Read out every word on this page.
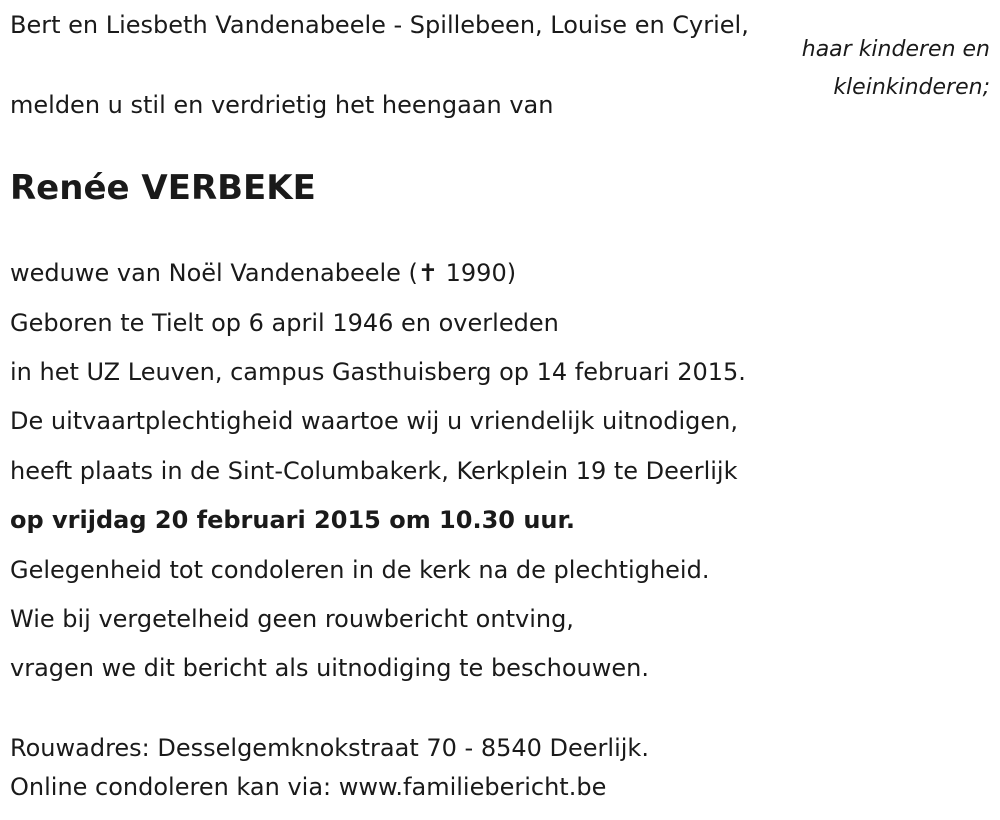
Bert en Liesbeth Vandenabeele - Spillebeen, Louise en Cyriel,
haar kinderen en
kleinkinderen;
melden u stil en verdrietig het heengaan van
Renée VERBEKE
weduwe van Noël Vandenabeele (✝ 1990)
Geboren te Tielt op 6 april 1946 en overleden
in het UZ Leuven, campus Gasthuisberg op 14 februari 2015.
De uitvaartplechtigheid waartoe wij u vriendelijk uitnodigen,
heeft plaats in de Sint-Columbakerk, Kerkplein 19 te Deerlijk
op vrijdag 20 februari 2015 om 10.30 uur.
Gelegenheid tot condoleren in de kerk na de plechtigheid.
Wie bij vergetelheid geen rouwbericht ontving,
vragen we dit bericht als uitnodiging te beschouwen.
Rouwadres: Desselgemknokstraat 70 - 8540 Deerlijk.
Online condoleren kan via: www.familiebericht.be
